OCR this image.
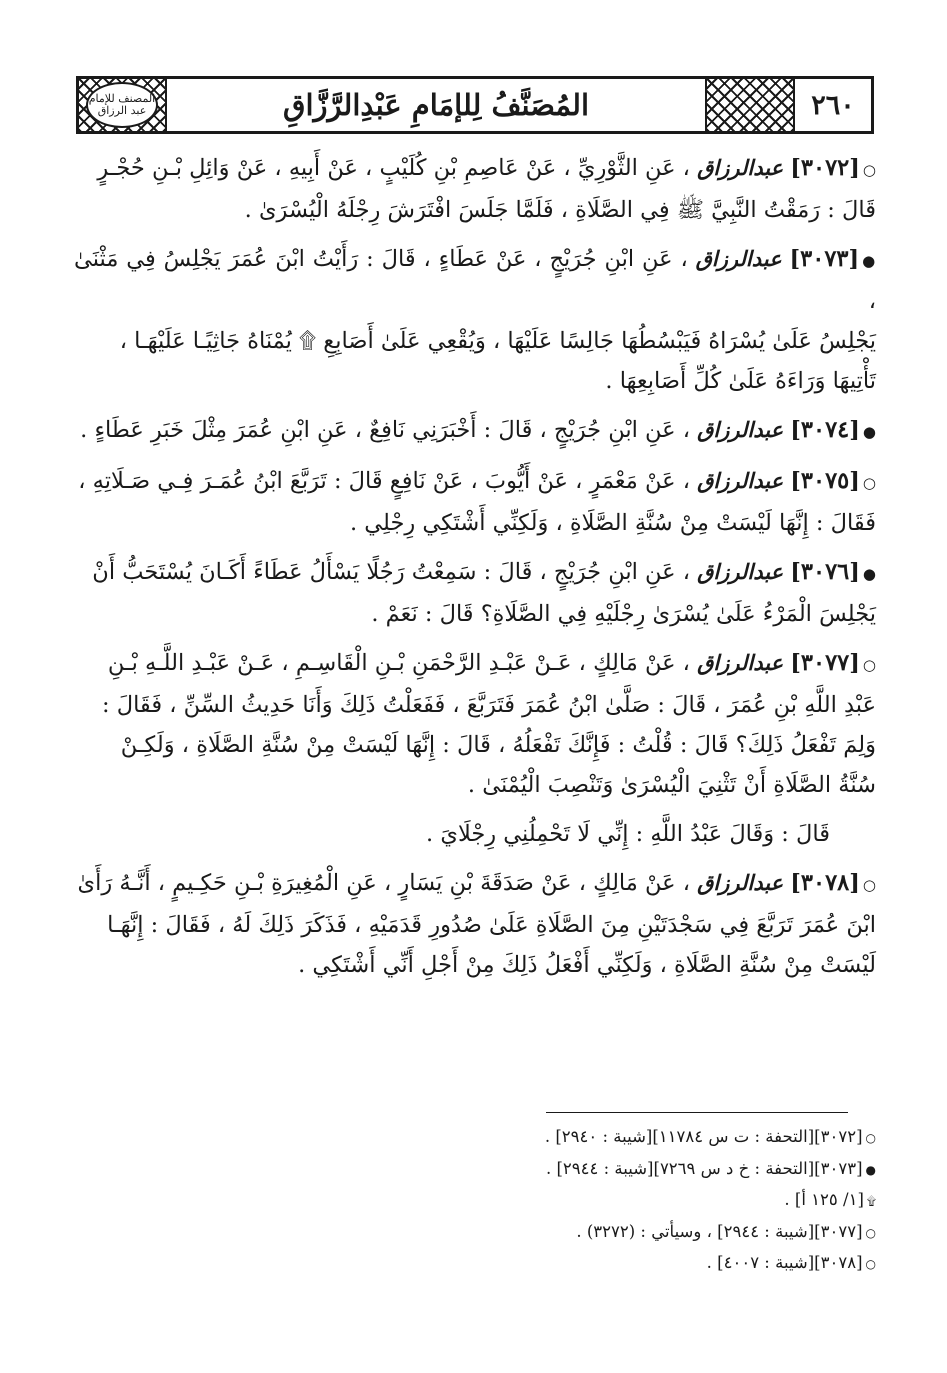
المصنف للإمام عبد الرزاق	المُصَنَّفُ لِلإمَامِ عَبْدِالرَّزَّاقِ	٢٦٠
○[٣٠٧٢] عبدالرزاق ، عَنِ الثَّوْرِيِّ ، عَنْ عَاصِمِ بْنِ كُلَيْبٍ ، عَنْ أَبِيهِ ، عَنْ وَائِلِ بْـنِ حُجْـرٍ
قَالَ : رَمَقْتُ النَّبِيَّ ﷺ فِي الصَّلَاةِ ، فَلَمَّا جَلَسَ افْتَرَشَ رِجْلَهُ الْيُسْرَىٰ .
●[٣٠٧٣] عبدالرزاق ، عَنِ ابْنِ جُرَيْجٍ ، عَنْ عَطَاءٍ ، قَالَ : رَأَيْتُ ابْنَ عُمَرَ يَجْلِسُ فِي مَثْنَىٰ ،
يَجْلِسُ عَلَىٰ يُسْرَاهُ فَيَبْسُطُهَا جَالِسًا عَلَيْهَا ، وَيُقْعِي عَلَىٰ أَصَابِعِ ۩ يُمْنَاهُ جَاثِيًـا عَلَيْهَـا ،
تَأْتِيهَا وَرَاءَهُ عَلَىٰ كُلِّ أَصَابِعِهَا .
●[٣٠٧٤] عبدالرزاق ، عَنِ ابْنِ جُرَيْجٍ ، قَالَ : أَخْبَرَنِي نَافِعٌ ، عَنِ ابْنِ عُمَرَ مِثْلَ خَبَرِ عَطَاءٍ .
○[٣٠٧٥] عبدالرزاق ، عَنْ مَعْمَرٍ ، عَنْ أَيُّوبَ ، عَنْ نَافِعٍ قَالَ : تَرَبَّعَ ابْنُ عُمَـرَ فِـي صَـلَاتِهِ ،
فَقَالَ : إِنَّهَا لَيْسَتْ مِنْ سُنَّةِ الصَّلَاةِ ، وَلَكِنِّي أَشْتَكِي رِجْلِي .
●[٣٠٧٦] عبدالرزاق ، عَنِ ابْنِ جُرَيْجٍ ، قَالَ : سَمِعْتُ رَجُلًا يَسْأَلُ عَطَاءً أَكَـانَ يُسْتَحَبُّ أَنْ
يَجْلِسَ الْمَرْءُ عَلَىٰ يُسْرَىٰ رِجْلَيْهِ فِي الصَّلَاةِ؟ قَالَ : نَعَمْ .
○[٣٠٧٧] عبدالرزاق ، عَنْ مَالِكٍ ، عَـنْ عَبْـدِ الرَّحْمَنِ بْـنِ الْقَاسِـمِ ، عَـنْ عَبْـدِ اللَّـهِ بْـنِ
عَبْدِ اللَّهِ بْنِ عُمَرَ ، قَالَ : صَلَّىٰ ابْنُ عُمَرَ فَتَرَبَّعَ ، فَفَعَلْتُ ذَلِكَ وَأَنَا حَدِيثُ السِّنِّ ، فَقَالَ :
وَلِمَ تَفْعَلُ ذَلِكَ؟ قَالَ : قُلْتُ : فَإِنَّكَ تَفْعَلُهُ ، قَالَ : إِنَّهَا لَيْسَتْ مِنْ سُنَّةِ الصَّلَاةِ ، وَلَكِـنْ
سُنَّةُ الصَّلَاةِ أَنْ تَثْنِيَ الْيُسْرَىٰ وَتَنْصِبَ الْيُمْنَىٰ .
قَالَ : وَقَالَ عَبْدُ اللَّهِ : إِنِّي لَا تَحْمِلُنِي رِجْلَايَ .
○[٣٠٧٨] عبدالرزاق ، عَنْ مَالِكٍ ، عَنْ صَدَقَةَ بْنِ يَسَارٍ ، عَنِ الْمُغِيرَةِ بْـنِ حَكِـيمٍ ، أَنَّـهُ رَأَىٰ
ابْنَ عُمَرَ تَرَبَّعَ فِي سَجْدَتَيْنِ مِنَ الصَّلَاةِ عَلَىٰ صُدُورِ قَدَمَيْهِ ، فَذَكَرَ ذَلِكَ لَهُ ، فَقَالَ : إِنَّهَـا
لَيْسَتْ مِنْ سُنَّةِ الصَّلَاةِ ، وَلَكِنِّي أَفْعَلُ ذَلِكَ مِنْ أَجْلِ أَنِّي أَشْتَكِي .
○[٣٠٧٢][التحفة : ت س ١١٧٨٤][شيبة : ٢٩٤٠] .
●[٣٠٧٣][التحفة : خ د س ٧٢٦٩][شيبة : ٢٩٤٤] .
۩[١/ ١٢٥ أ] .
○[٣٠٧٧][شيبة : ٢٩٤٤] ، وسيأتي : (٣٢٧٢) .
○[٣٠٧٨][شيبة : ٤٠٠٧] .
